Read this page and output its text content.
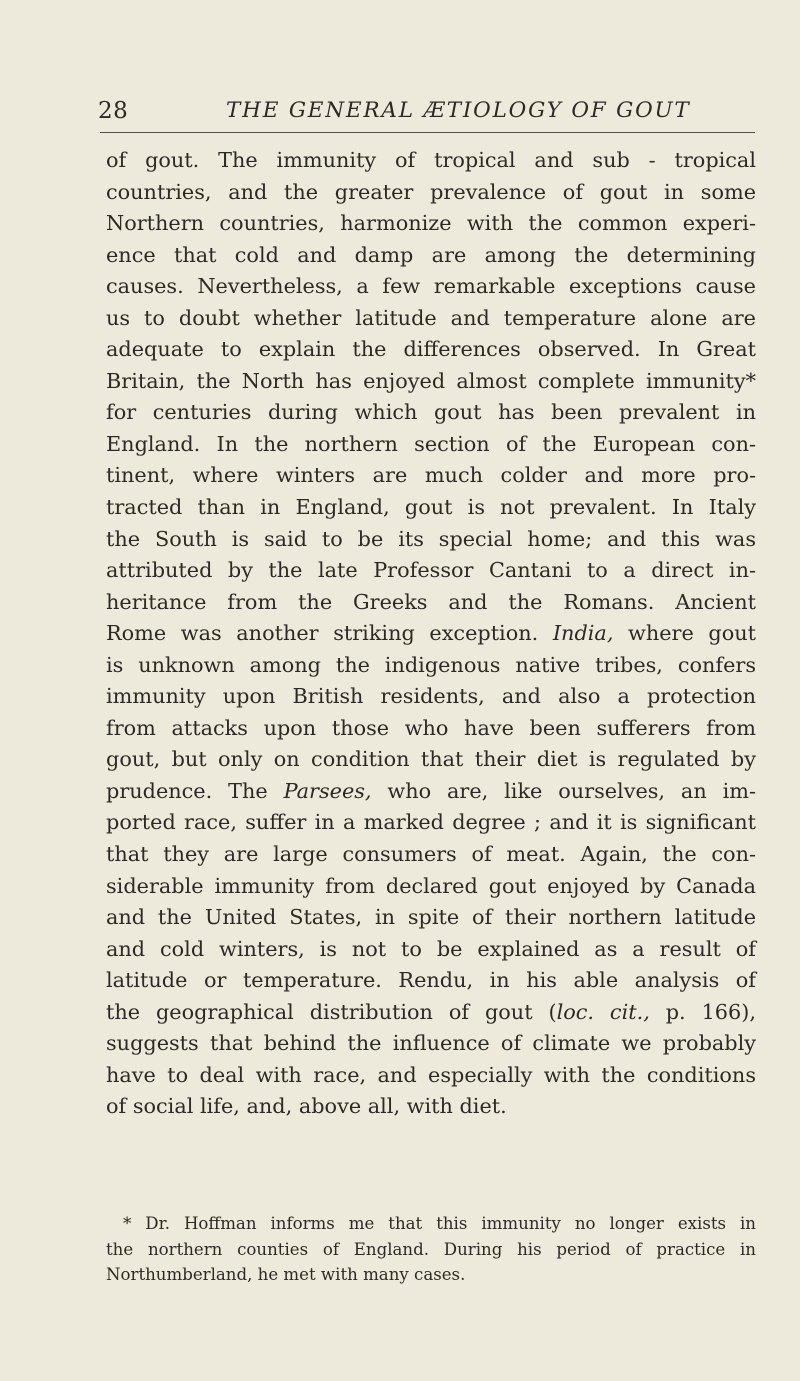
28	THE GENERAL ÆTIOLOGY OF GOUT
of gout. The immunity of tropical and sub - tropical
countries, and the greater prevalence of gout in some
Northern countries, harmonize with the common experi-
ence that cold and damp are among the determining
causes. Nevertheless, a few remarkable exceptions cause
us to doubt whether latitude and temperature alone are
adequate to explain the differences observed. In Great
Britain, the North has enjoyed almost complete immunity*
for centuries during which gout has been prevalent in
England. In the northern section of the European con-
tinent, where winters are much colder and more pro-
tracted than in England, gout is not prevalent. In Italy
the South is said to be its special home; and this was
attributed by the late Professor Cantani to a direct in-
heritance from the Greeks and the Romans. Ancient
Rome was another striking exception. India, where gout
is unknown among the indigenous native tribes, confers
immunity upon British residents, and also a protection
from attacks upon those who have been sufferers from
gout, but only on condition that their diet is regulated by
prudence. The Parsees, who are, like ourselves, an im-
ported race, suffer in a marked degree ; and it is significant
that they are large consumers of meat. Again, the con-
siderable immunity from declared gout enjoyed by Canada
and the United States, in spite of their northern latitude
and cold winters, is not to be explained as a result of
latitude or temperature. Rendu, in his able analysis of
the geographical distribution of gout (loc. cit., p. 166),
suggests that behind the influence of climate we probably
have to deal with race, and especially with the conditions
of social life, and, above all, with diet.
* Dr. Hoffman informs me that this immunity no longer exists in
the northern counties of England. During his period of practice in
Northumberland, he met with many cases.
